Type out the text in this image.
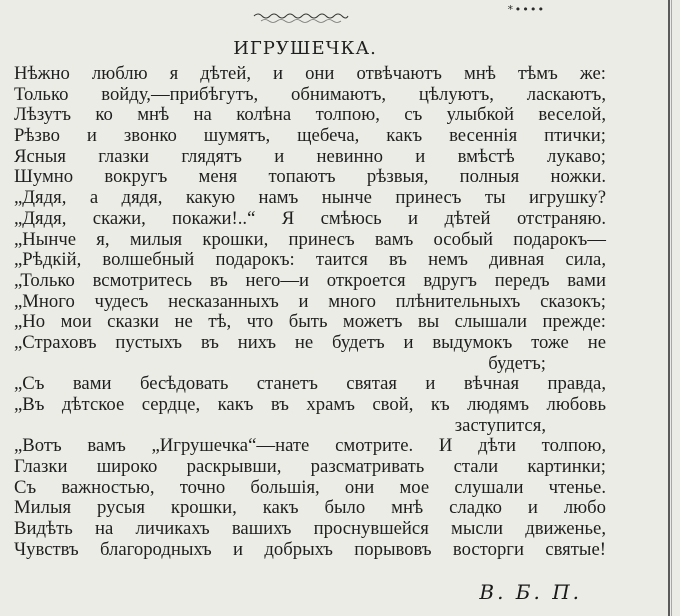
*••••
ИГРУШЕЧКА.
Нѣжно люблю я дѣтей, и они отвѣчаютъ мнѣ тѣмъ же:
Только войду,—прибѣгутъ, обнимаютъ, цѣлуютъ, ласкаютъ,
Лѣзутъ ко мнѣ на колѣна толпою, съ улыбкой веселой,
Рѣзво и звонко шумятъ, щебеча, какъ весеннія птички;
Ясныя глазки глядятъ и невинно и вмѣстѣ лукаво;
Шумно вокругъ меня топаютъ рѣзвыя, полныя ножки.
„Дядя, а дядя, какую намъ нынче принесъ ты игрушку?
„Дядя, скажи, покажи!..“ Я смѣюсь и дѣтей отстраняю.
„Нынче я, милыя крошки, принесъ вамъ особый подарокъ—
„Рѣдкій, волшебный подарокъ: таится въ немъ дивная сила,
„Только всмотритесь въ него—и откроется вдругъ передъ вами
„Много чудесъ несказанныхъ и много плѣнительныхъ сказокъ;
„Но мои сказки не тѣ, что быть можетъ вы слышали прежде:
„Страховъ пустыхъ въ нихъ не будетъ и выдумокъ тоже не
будетъ;
„Съ вами бесѣдовать станетъ святая и вѣчная правда,
„Въ дѣтское сердце, какъ въ храмъ свой, къ людямъ любовь
заступится,
„Вотъ вамъ „Игрушечка“—нате смотрите. И дѣти толпою,
Глазки широко раскрывши, разсматривать стали картинки;
Съ важностью, точно большія, они мое слушали чтенье.
Милыя русыя крошки, какъ было мнѣ сладко и любо
Видѣть на личикахъ вашихъ проснувшейся мысли движенье,
Чувствъ благородныхъ и добрыхъ порывовъ восторги святые!
В. Б. П.
